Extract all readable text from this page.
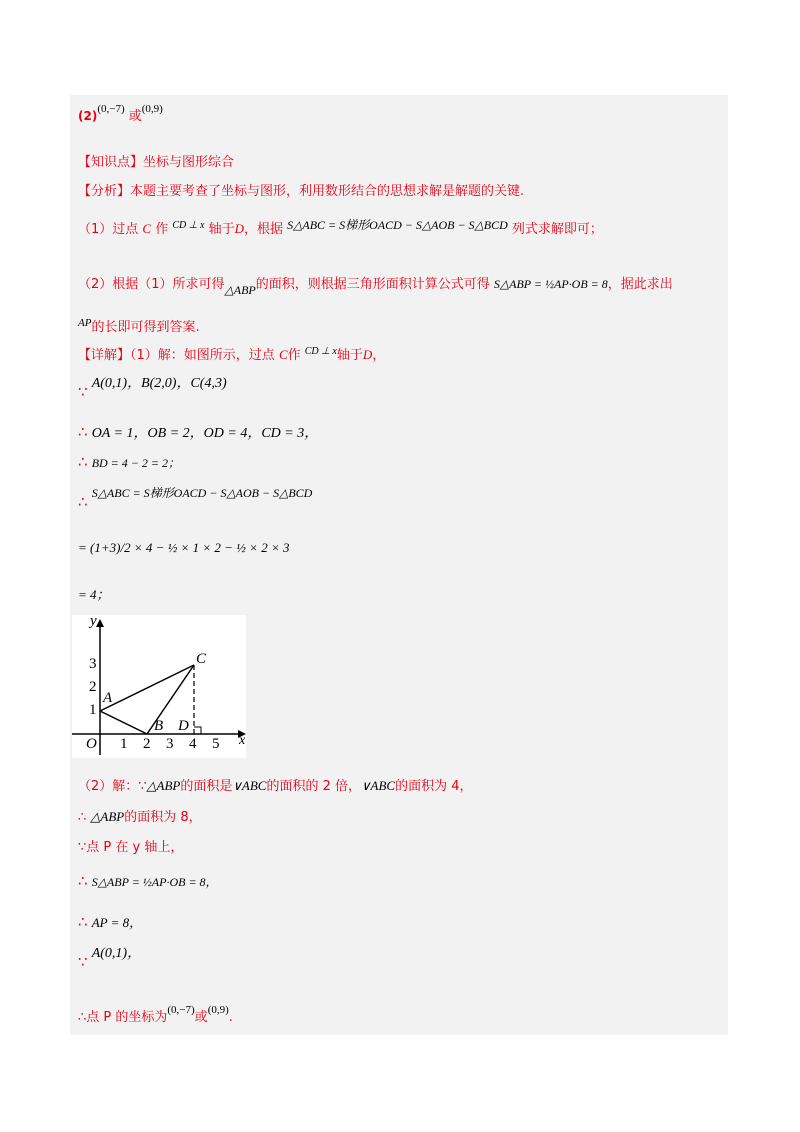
$(2)^{(0,-7)}$ 或$^{(0,9)}$
【知识点】坐标与图形综合
【分析】本题主要考查了坐标与图形，利用数形结合的思想求解是解题的关键.
（1）过点 C 作 $^{CD \perp x}$ 轴于D，根据 S△ABC = S梯形OACD − S△AOB − S△BCD 列式求解即可；
（2）根据（1）所求可得△ABP的面积，则根据三角形面积计算公式可得 S△ABP = ½AP·OB = 8，据此求出
$^{AP}$的长即可得到答案.
【详解】（1）解：如图所示，过点 C作 $^{CD \perp x}$轴于D，
∵ A(0,1)，B(2,0)，C(4,3)
∴ OA = 1，OB = 2，OD = 4，CD = 3，
∴ BD = 4 − 2 = 2；
∴ S△ABC = S梯形OACD − S△AOB − S△BCD
= (1+3)/2 × 4 − ½ × 1 × 2 − ½ × 2 × 3
= 4；
y
x
O 1 2 3 4 5
1
2
3
A
B
C
D
（2）解：∵△ABP的面积是∨ABC的面积的 2 倍，∨ABC的面积为 4，
∴ △ABP的面积为 8，
∵点 P 在 y 轴上，
∴ S△ABP = ½AP·OB = 8，
∴ AP = 8，
∵ A(0,1)，
∴点 P 的坐标为$^{(0,-7)}$或$^{(0,9)}$.
